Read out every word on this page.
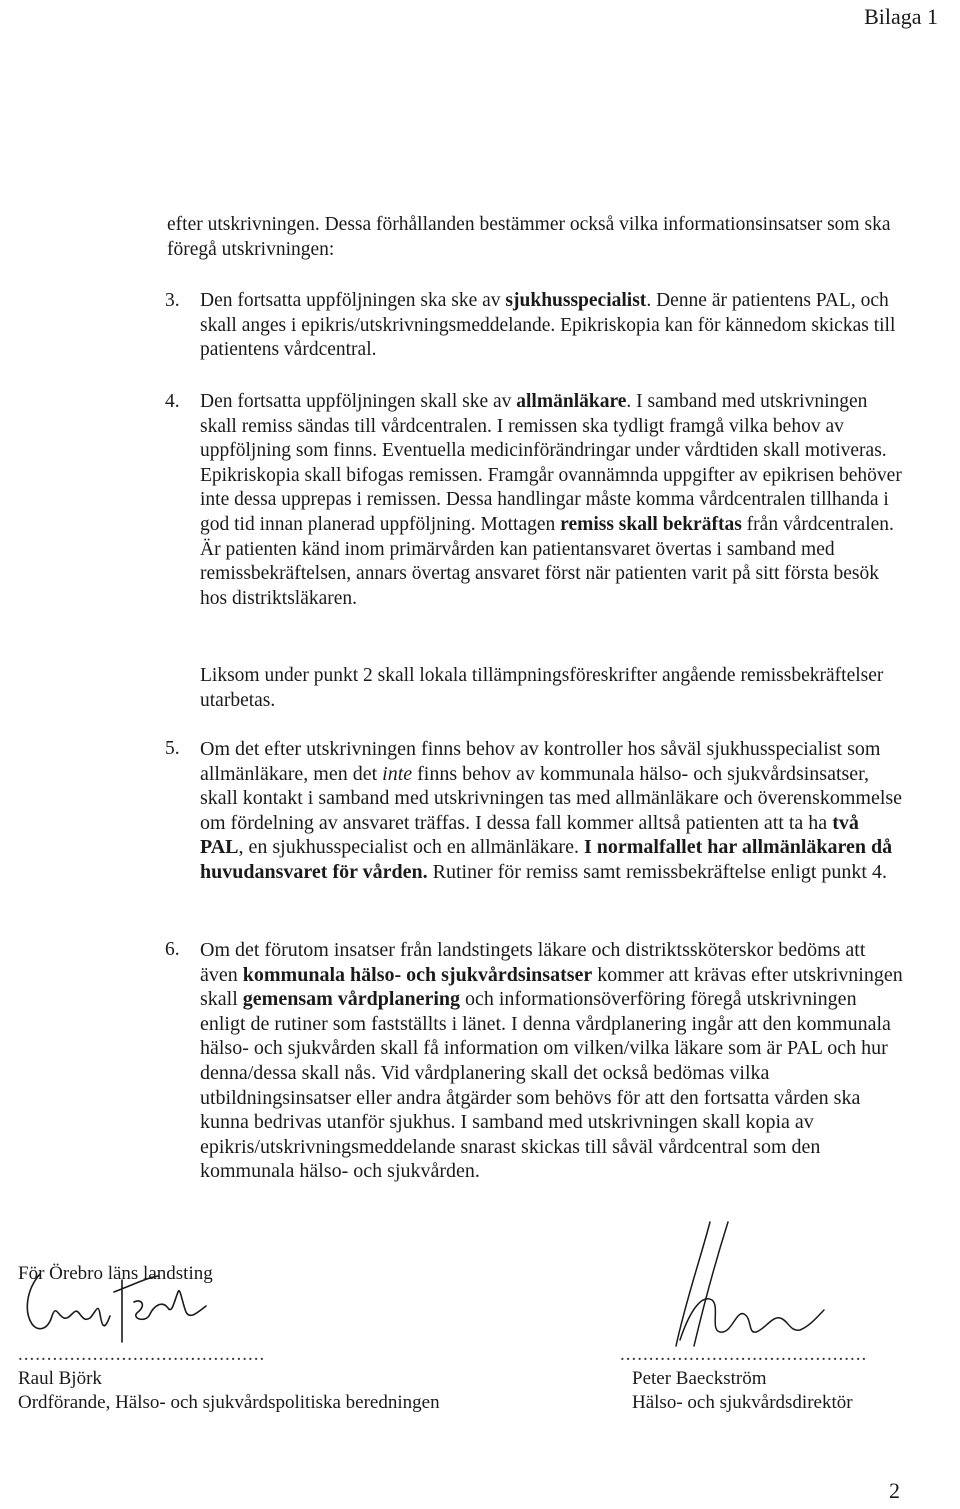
Bilaga 1

efter utskrivningen. Dessa förhållanden bestämmer också vilka informationsinsatser som ska föregå utskrivningen:

3. Den fortsatta uppföljningen ska ske av sjukhusspecialist. Denne är patientens PAL, och skall anges i epikris/utskrivningsmeddelande. Epikriskopia kan för kännedom skickas till patientens vårdcentral.
4. Den fortsatta uppföljningen skall ske av allmänläkare. I samband med utskrivningen skall remiss sändas till vårdcentralen. I remissen ska tydligt framgå vilka behov av uppföljning som finns. Eventuella medicinförändringar under vårdtiden skall motiveras. Epikriskopia skall bifogas remissen. Framgår ovannämnda uppgifter av epikrisen behöver inte dessa upprepas i remissen. Dessa handlingar måste komma vårdcentralen tillhanda i god tid innan planerad uppföljning. Mottagen remiss skall bekräftas från vårdcentralen. Är patienten känd inom primärvården kan patientansvaret övertas i samband med remissbekräftelsen, annars övertag ansvaret först när patienten varit på sitt första besök hos distriktsläkaren.
Liksom under punkt 2 skall lokala tillämpningsföreskrifter angående remissbekräftelser utarbetas.
5. Om det efter utskrivningen finns behov av kontroller hos såväl sjukhusspecialist som allmänläkare, men det inte finns behov av kommunala hälso- och sjukvårdsinsatser, skall kontakt i samband med utskrivningen tas med allmänläkare och överenskommelse om fördelning av ansvaret träffas. I dessa fall kommer alltså patienten att ta ha två PAL, en sjukhusspecialist och en allmänläkare. I normalfallet har allmänläkaren då huvudansvaret för vården. Rutiner för remiss samt remissbekräftelse enligt punkt 4.
6. Om det förutom insatser från landstingets läkare och distriktssköterskor bedöms att även kommunala hälso- och sjukvårdsinsatser kommer att krävas efter utskrivningen skall gemensam vårdplanering och informationsöverföring föregå utskrivningen enligt de rutiner som fastställts i länet. I denna vårdplanering ingår att den kommunala hälso- och sjukvården skall få information om vilken/vilka läkare som är PAL och hur denna/dessa skall nås. Vid vårdplanering skall det också bedömas vilka utbildningsinsatser eller andra åtgärder som behövs för att den fortsatta vården ska kunna bedrivas utanför sjukhus. I samband med utskrivningen skall kopia av epikris/utskrivningsmeddelande snarast skickas till såväl vårdcentral som den kommunala hälso- och sjukvården.
För Örebro läns landsting
...........................................
Raul Björk
Ordförande, Hälso- och sjukvårdspolitiska beredningen
...........................................
Peter Baeckström
Hälso- och sjukvårdsdirektör
2
